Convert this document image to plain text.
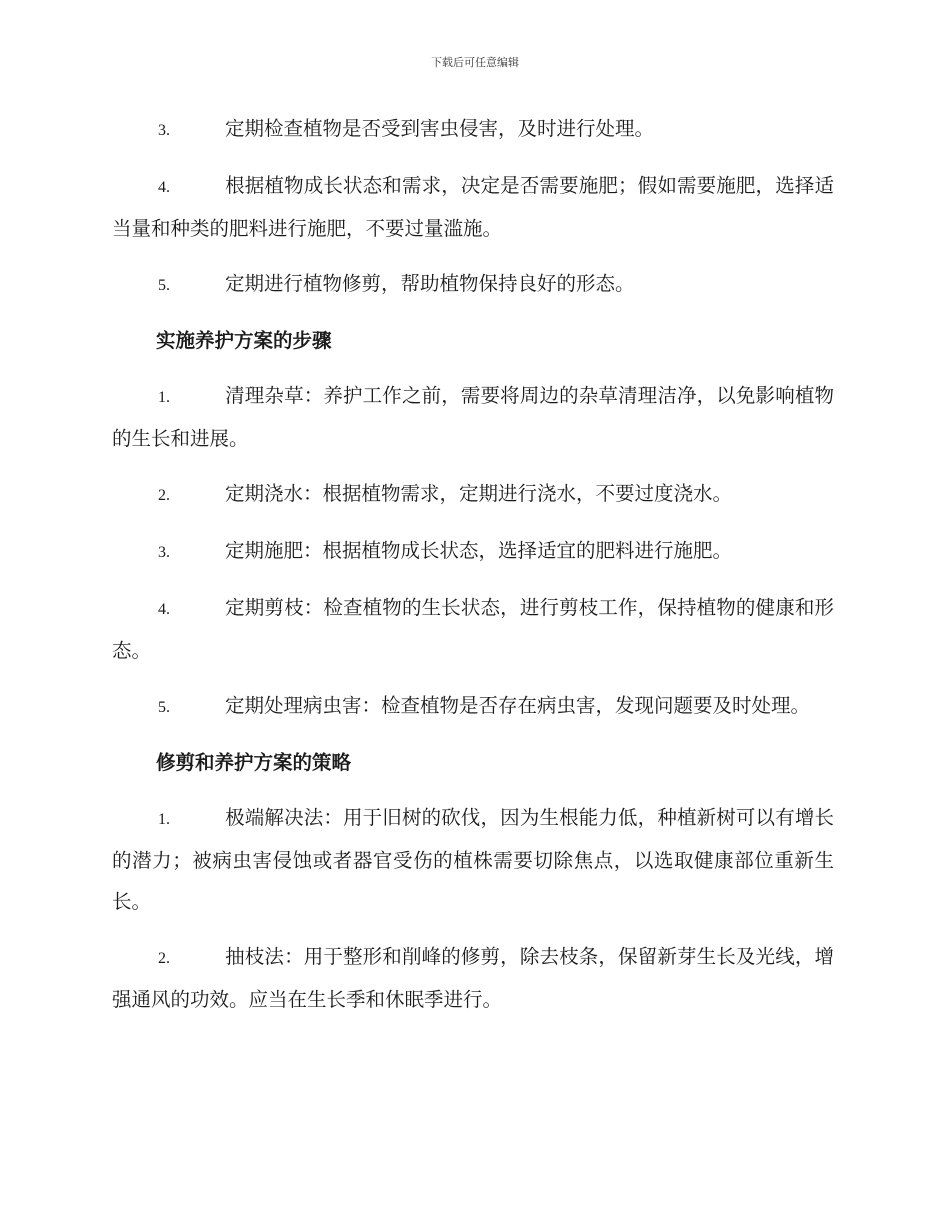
下载后可任意编辑

3.	定期检查植物是否受到害虫侵害，及时进行处理。

4.	根据植物成长状态和需求，决定是否需要施肥；假如需要施肥，选择适当量和种类的肥料进行施肥，不要过量滥施。

5.	定期进行植物修剪，帮助植物保持良好的形态。

实施养护方案的步骤

1.	清理杂草：养护工作之前，需要将周边的杂草清理洁净，以免影响植物的生长和进展。

2.	定期浇水：根据植物需求，定期进行浇水，不要过度浇水。

3.	定期施肥：根据植物成长状态，选择适宜的肥料进行施肥。

4.	定期剪枝：检查植物的生长状态，进行剪枝工作，保持植物的健康和形态。

5.	定期处理病虫害：检查植物是否存在病虫害，发现问题要及时处理。

修剪和养护方案的策略

1.	极端解决法：用于旧树的砍伐，因为生根能力低，种植新树可以有增长的潜力；被病虫害侵蚀或者器官受伤的植株需要切除焦点，以选取健康部位重新生长。

2.	抽枝法：用于整形和削峰的修剪，除去枝条，保留新芽生长及光线，增强通风的功效。应当在生长季和休眠季进行。
